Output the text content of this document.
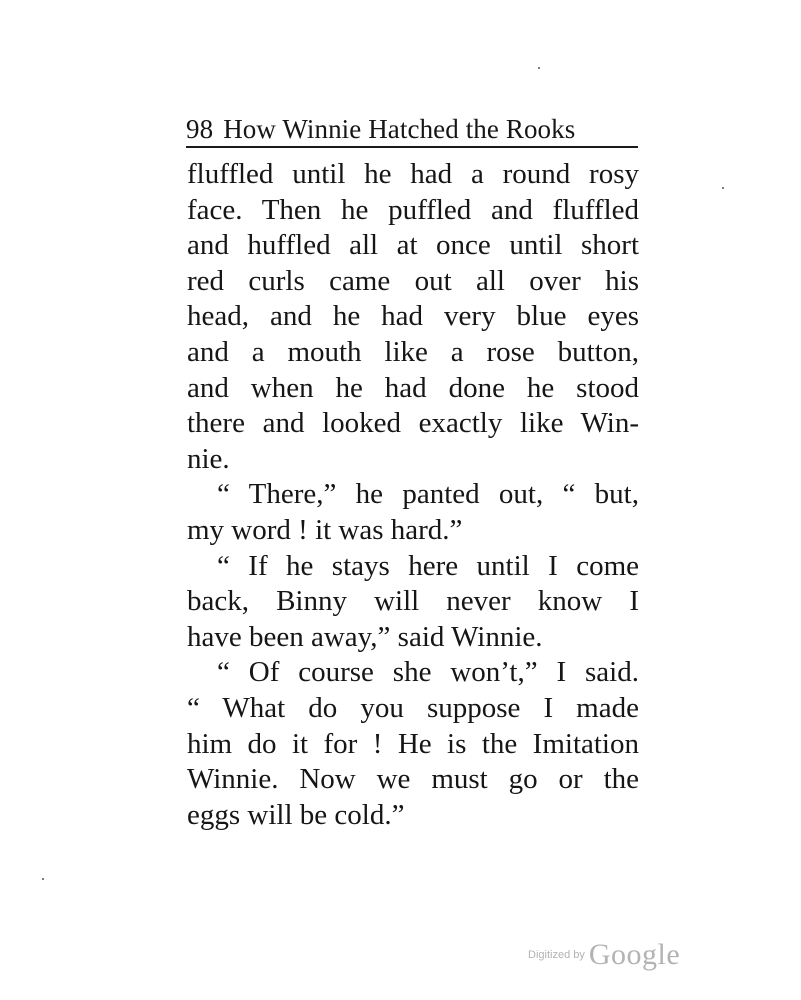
98 How Winnie Hatched the Rooks
fluffled until he had a round rosy
face. Then he puffled and fluffled
and huffled all at once until short
red curls came out all over his
head, and he had very blue eyes
and a mouth like a rose button,
and when he had done he stood
there and looked exactly like Win-
nie.
“ There,” he panted out, “ but,
my word ! it was hard.”
“ If he stays here until I come
back, Binny will never know I
have been away,” said Winnie.
“ Of course she won’t,” I said.
“ What do you suppose I made
him do it for ! He is the Imitation
Winnie. Now we must go or the
eggs will be cold.”
Digitized by Google
